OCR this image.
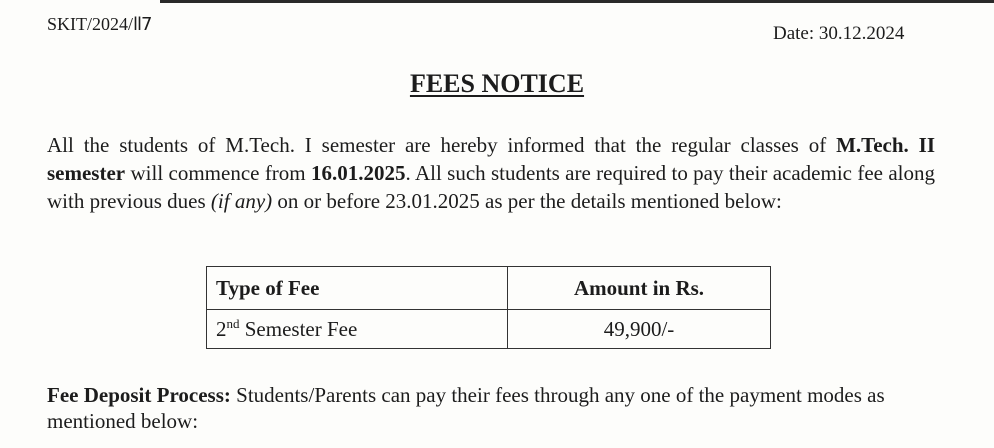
SKIT/2024/ll7	Date: 30.12.2024
FEES NOTICE

All the students of M.Tech. I semester are hereby informed that the regular classes of M.Tech. II semester will commence from 16.01.2025. All such students are required to pay their academic fee along with previous dues (if any) on or before 23.01.2025 as per the details mentioned below:

Type of Fee	Amount in Rs.
2nd Semester Fee	49,900/-

Fee Deposit Process: Students/Parents can pay their fees through any one of the payment modes as mentioned below:
